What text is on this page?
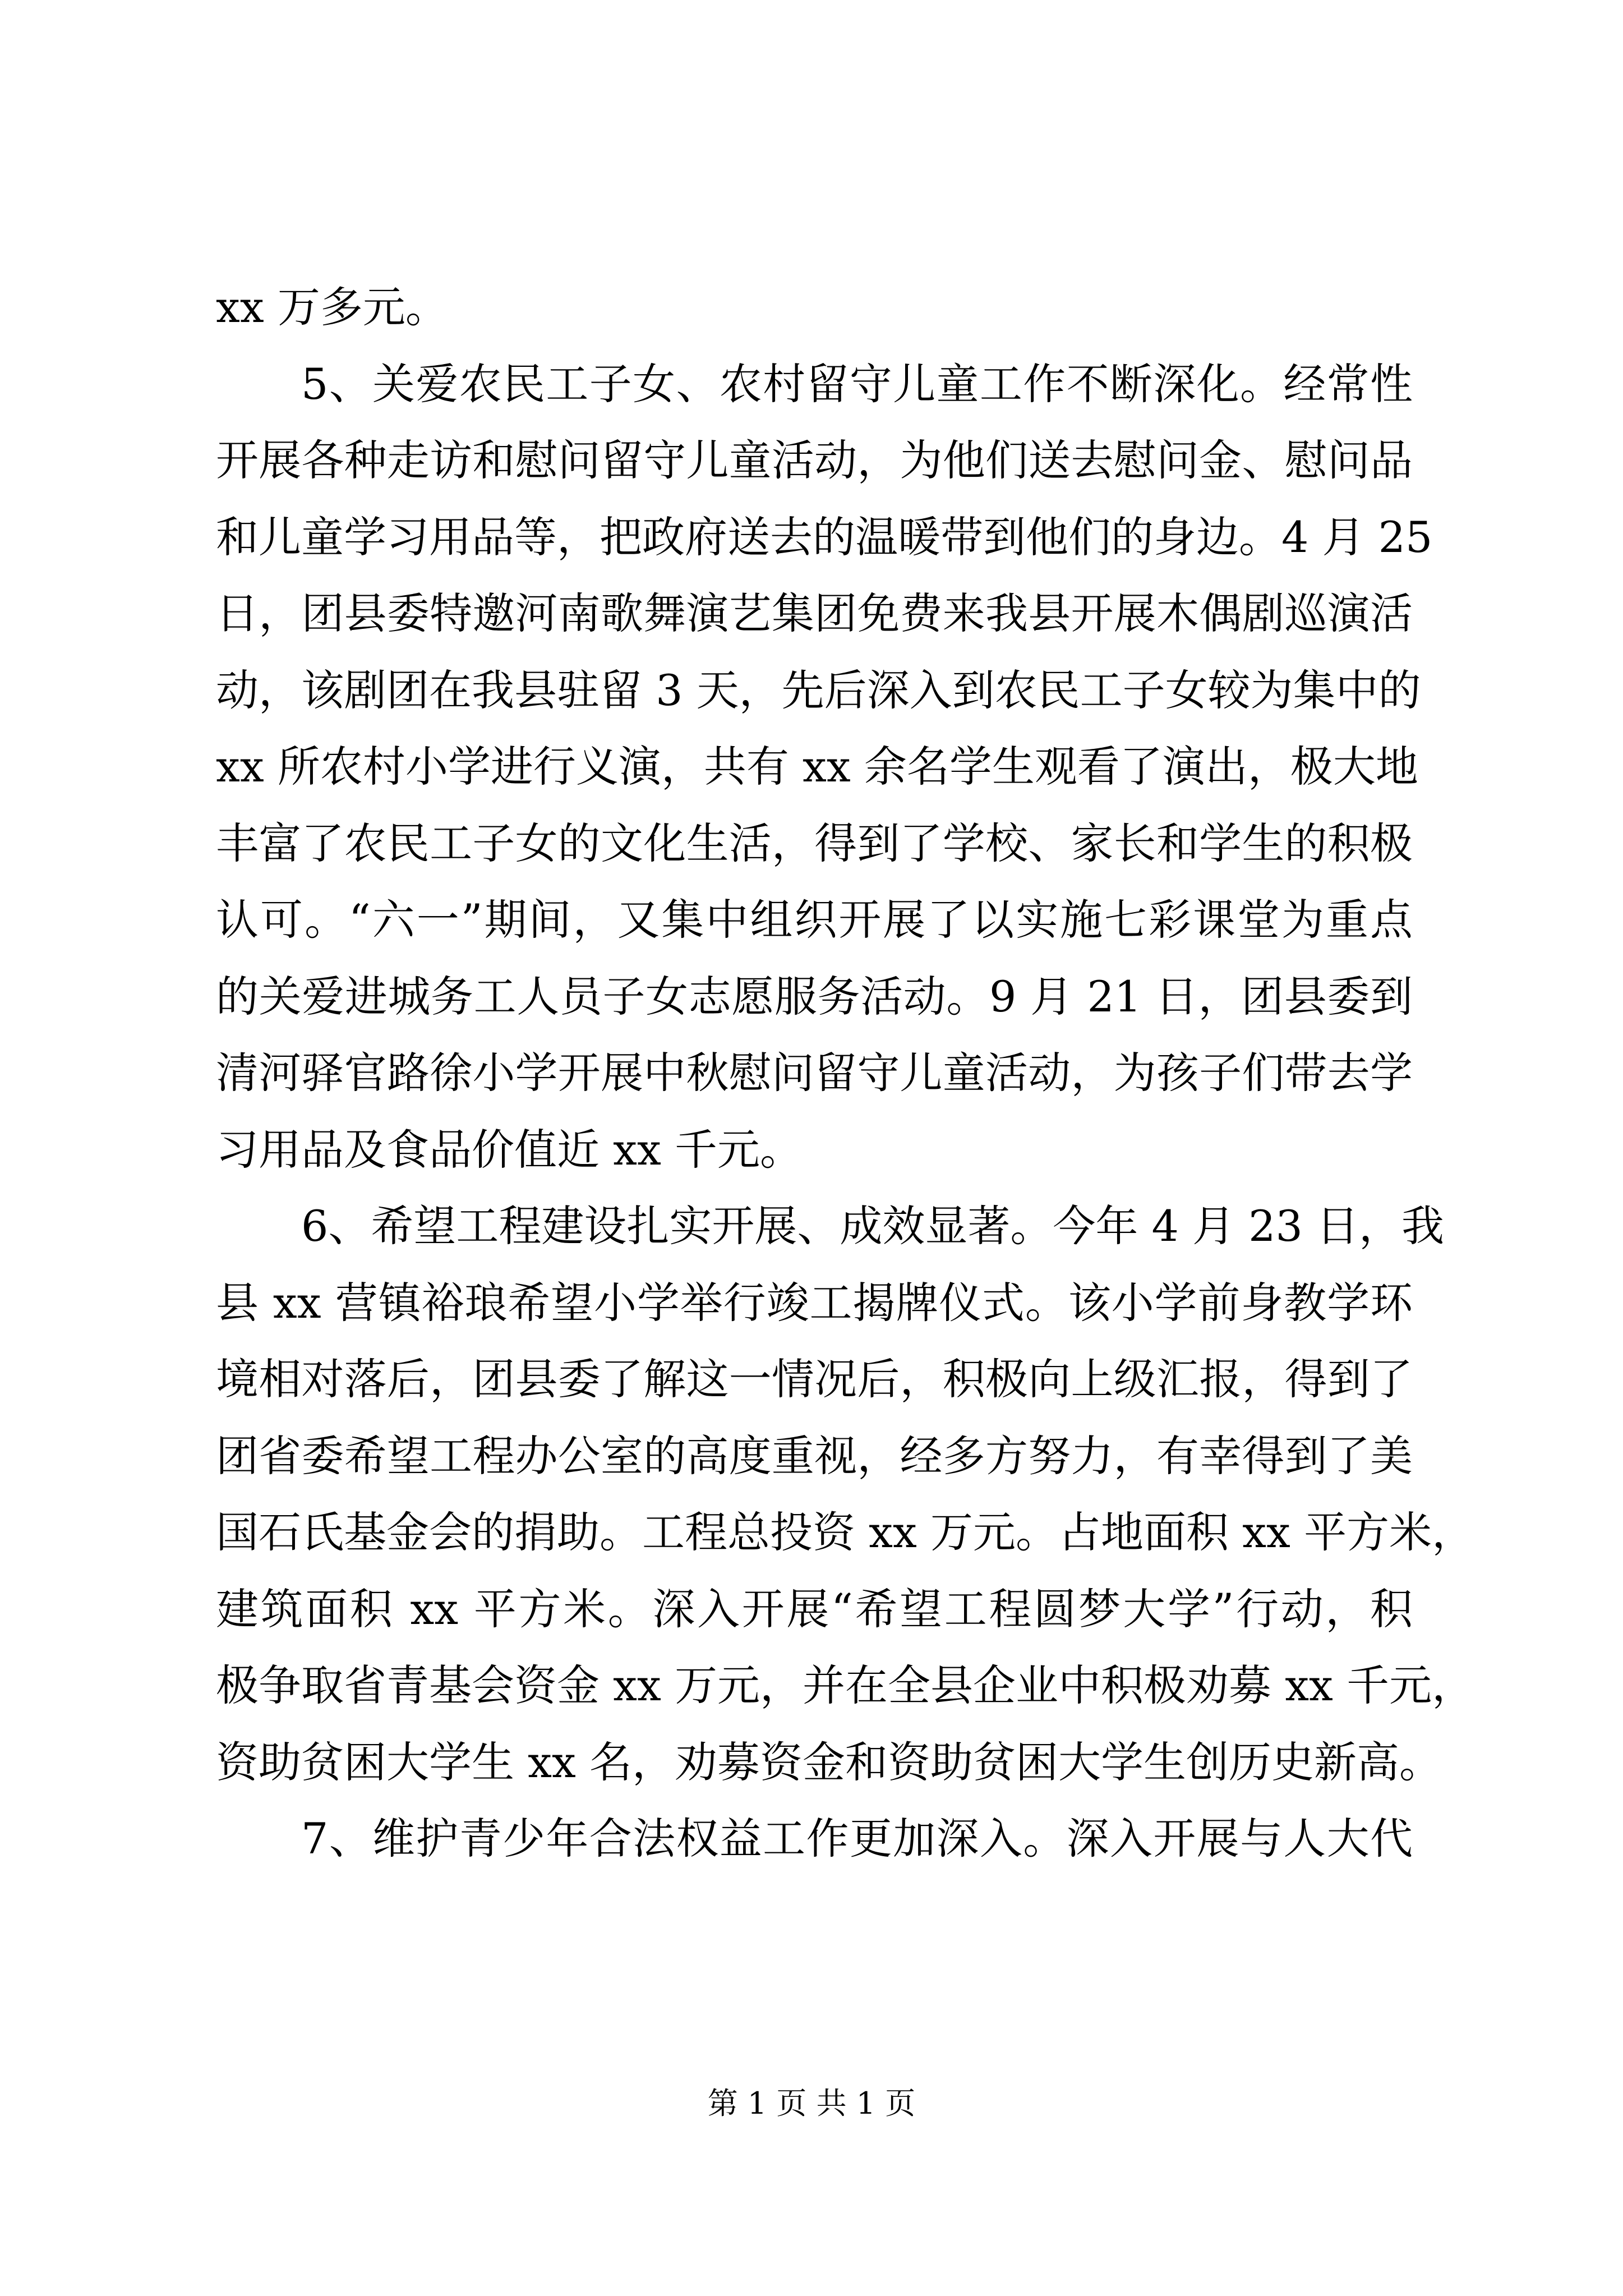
xx 万多元。
5、关爱农民工子女、农村留守儿童工作不断深化。经常性
开展各种走访和慰问留守儿童活动，为他们送去慰问金、慰问品
和儿童学习用品等，把政府送去的温暖带到他们的身边。4 月 25
日，团县委特邀河南歌舞演艺集团免费来我县开展木偶剧巡演活
动，该剧团在我县驻留 3 天，先后深入到农民工子女较为集中的
xx 所农村小学进行义演，共有 xx 余名学生观看了演出，极大地
丰富了农民工子女的文化生活，得到了学校、家长和学生的积极
认可。“六一”期间，又集中组织开展了以实施七彩课堂为重点
的关爱进城务工人员子女志愿服务活动。9 月 21 日，团县委到
清河驿官路徐小学开展中秋慰问留守儿童活动，为孩子们带去学
习用品及食品价值近 xx 千元。
6、希望工程建设扎实开展、成效显著。今年 4 月 23 日，我
县 xx 营镇裕琅希望小学举行竣工揭牌仪式。该小学前身教学环
境相对落后，团县委了解这一情况后，积极向上级汇报，得到了
团省委希望工程办公室的高度重视，经多方努力，有幸得到了美
国石氏基金会的捐助。工程总投资 xx 万元。占地面积 xx 平方米，
建筑面积 xx 平方米。深入开展“希望工程圆梦大学”行动，积
极争取省青基会资金 xx 万元，并在全县企业中积极劝募 xx 千元，
资助贫困大学生 xx 名，劝募资金和资助贫困大学生创历史新高。
7、维护青少年合法权益工作更加深入。深入开展与人大代
第 1 页 共 1 页
